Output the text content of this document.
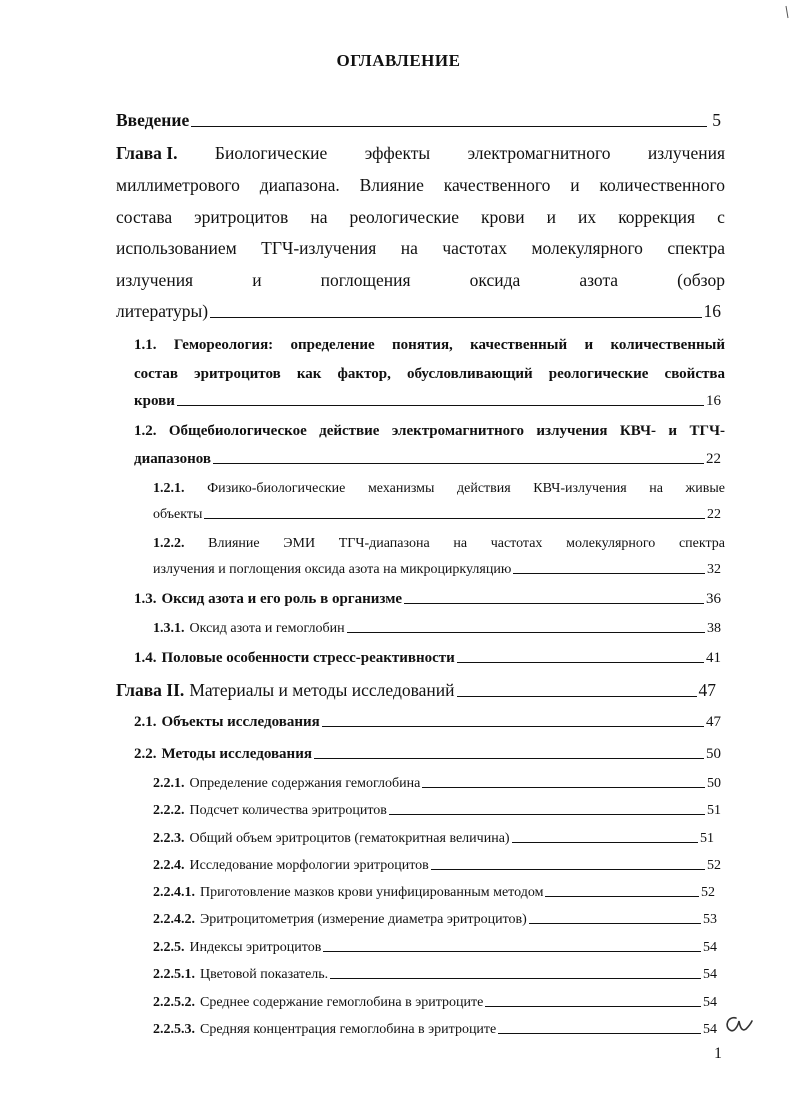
ОГЛАВЛЕНИЕ
Введение	5
Глава I. Биологические эффекты электромагнитного излучения
миллиметрового диапазона. Влияние качественного и количественного
состава эритроцитов на реологические крови и их коррекция с
использованием ТГЧ-излучения на частотах молекулярного спектра
излучения	и	поглощения	оксида	азота	(обзор
литературы)	16
1.1. Гемореология: определение понятия, качественный и количественный
состав эритроцитов как фактор, обусловливающий реологические свойства
крови	16
1.2. Общебиологическое действие электромагнитного излучения КВЧ- и ТГЧ-
диапазонов	22
1.2.1. Физико-биологические механизмы действия КВЧ-излучения на живые
объекты	22
1.2.2. Влияние ЭМИ ТГЧ-диапазона на частотах молекулярного спектра
излучения и поглощения оксида азота на микроциркуляцию	32
1.3. Оксид азота и его роль в организме	36
1.3.1. Оксид азота и гемоглобин	38
1.4. Половые особенности стресс-реактивности	41
Глава II. Материалы и методы исследований	47
2.1. Объекты исследования	47
2.2. Методы исследования	50
2.2.1. Определение содержания гемоглобина	50
2.2.2. Подсчет количества эритроцитов	51
2.2.3. Общий объем эритроцитов (гематокритная величина)	51
2.2.4. Исследование морфологии эритроцитов	52
2.2.4.1. Приготовление мазков крови унифицированным методом	52
2.2.4.2. Эритроцитометрия (измерение диаметра эритроцитов)	53
2.2.5. Индексы эритроцитов	54
2.2.5.1. Цветовой показатель.	54
2.2.5.2. Среднее содержание гемоглобина в эритроците	54
2.2.5.3. Средняя концентрация гемоглобина в эритроците	54
1
